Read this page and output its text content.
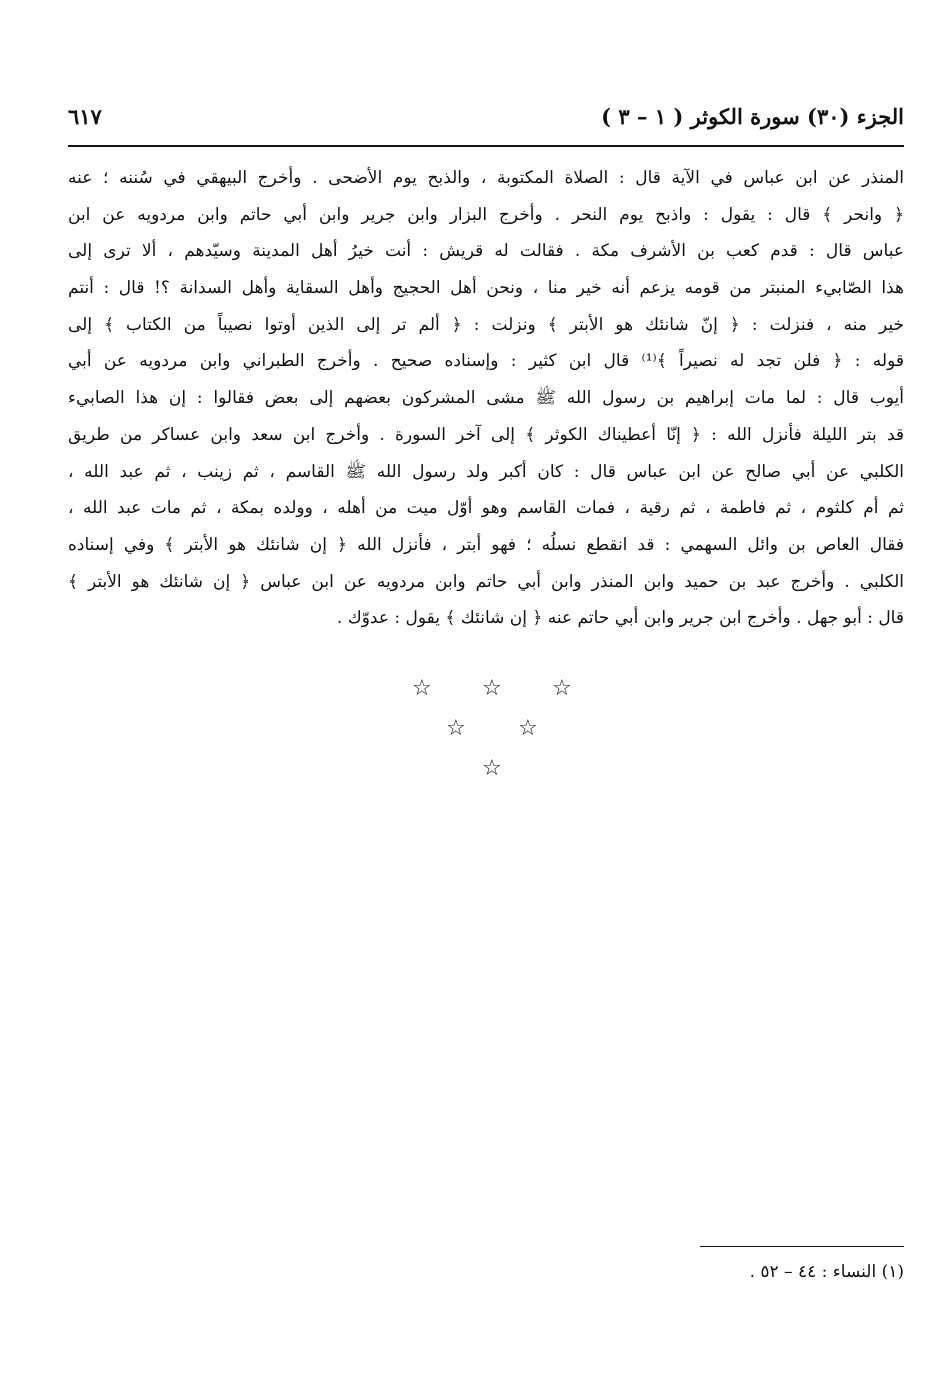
الجزء (٣٠) سورة الكوثر ( ١ – ٣ )
٦١٧
المنذر عن ابن عباس في الآية قال : الصلاة المكتوبة ، والذبح يوم الأضحى . وأخرج البيهقي في سُننه ؛ عنه
﴿ وانحر ﴾ قال : يقول : واذبح يوم النحر . وأخرج البزار وابن جرير وابن أبي حاتم وابن مردويه عن ابن
عباس قال : قدم كعب بن الأشرف مكة . فقالت له قريش : أنت خيرُ أهل المدينة وسيّدهم ، ألا ترى إلى
هذا الصّابيء المنبتر من قومه يزعم أنه خير منا ، ونحن أهل الحجيج وأهل السقاية وأهل السدانة ؟! قال : أنتم
خير منه ، فنزلت : ﴿ إنّ شانئك هو الأبتر ﴾ ونزلت : ﴿ ألم تر إلى الذين أوتوا نصيباً من الكتاب ﴾ إلى
قوله : ﴿ فلن تجد له نصيراً ﴾⁽¹⁾ قال ابن كثير : وإسناده صحيح . وأخرج الطبراني وابن مردويه عن أبي
أيوب قال : لما مات إبراهيم بن رسول الله ﷺ مشى المشركون بعضهم إلى بعض فقالوا : إن هذا الصابيء
قد بتر الليلة فأنزل الله : ﴿ إنّا أعطيناك الكوثر ﴾ إلى آخر السورة . وأخرج ابن سعد وابن عساكر من طريق
الكلبي عن أبي صالح عن ابن عباس قال : كان أكبر ولد رسول الله ﷺ القاسم ، ثم زينب ، ثم عبد الله ،
ثم أم كلثوم ، ثم فاطمة ، ثم رقية ، فمات القاسم وهو أوّل ميت من أهله ، وولده بمكة ، ثم مات عبد الله ،
فقال العاص بن وائل السهمي : قد انقطع نسلُه ؛ فهو أبتر ، فأنزل الله ﴿ إن شانئك هو الأبتر ﴾ وفي إسناده
الكلبي . وأخرج عبد بن حميد وابن المنذر وابن أبي حاتم وابن مردويه عن ابن عباس ﴿ إن شانئك هو الأبتر ﴾
قال : أبو جهل . وأخرج ابن جرير وابن أبي حاتم عنه ﴿ إن شانئك ﴾ يقول : عدوّك .
☆ ☆ ☆
☆ ☆
☆
(١) النساء : ٤٤ – ٥٢ .
